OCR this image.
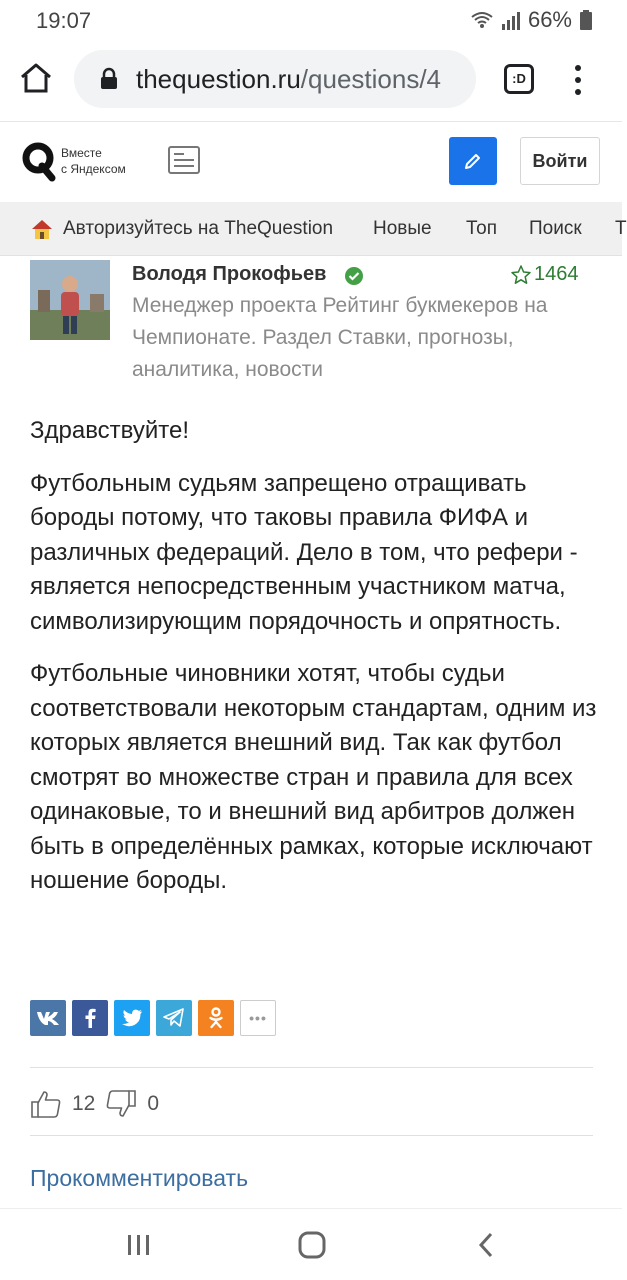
19:07	66%
thequestion.ru/questions/4	:D
Вместе
с Яндексом	Войти
Авторизуйтесь на TheQuestion Новые Топ Поиск Т
Володя Прокофьев	1464
Менеджер проекта Рейтинг букмекеров на Чемпионате. Раздел Ставки, прогнозы, аналитика, новости

Здравствуйте!

Футбольным судьям запрещено отращивать бороды потому, что таковы правила ФИФА и различных федераций. Дело в том, что рефери - является непосредственным участником матча, символизирующим порядочность и опрятность.

Футбольные чиновники хотят, чтобы судьи соответствовали некоторым стандартам, одним из которых является внешний вид. Так как футбол смотрят во множестве стран и правила для всех одинаковые, то и внешний вид арбитров должен быть в определённых рамках, которые исключают ношение бороды.

•••
12 0
Прокомментировать
